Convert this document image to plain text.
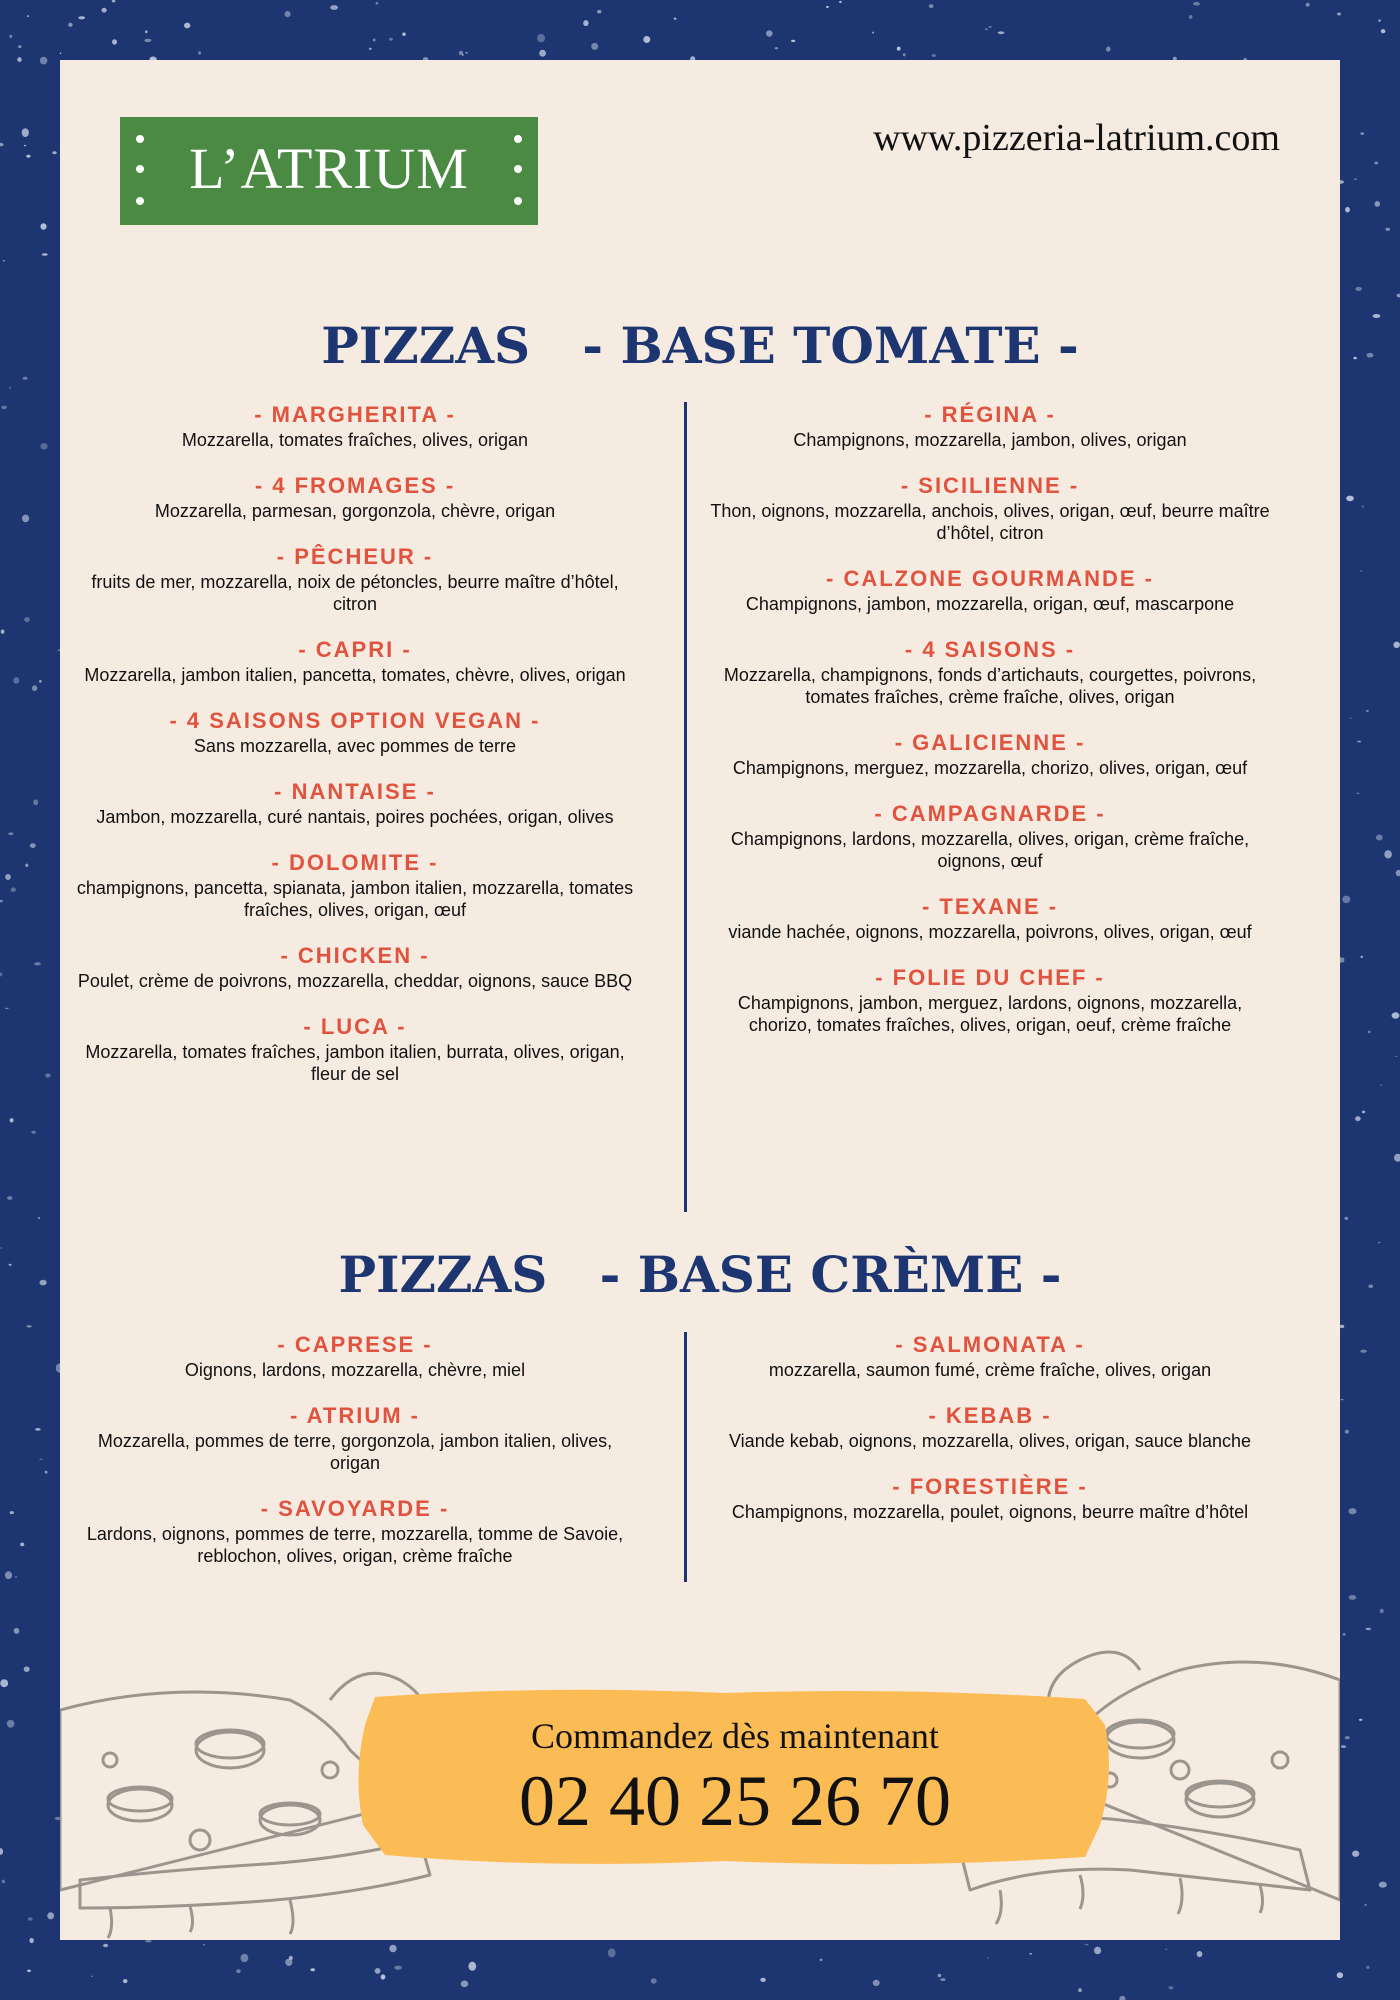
L’ATRIUM	www.pizzeria-latrium.com
PIZZAS   - BASE TOMATE -
- MARGHERITA -
Mozzarella, tomates fraîches, olives, origan
- 4 FROMAGES -
Mozzarella, parmesan, gorgonzola, chèvre, origan
- PÊCHEUR -
fruits de mer, mozzarella, noix de pétoncles, beurre maître d’hôtel, citron
- CAPRI -
Mozzarella, jambon italien, pancetta, tomates, chèvre, olives, origan
- 4 SAISONS OPTION VEGAN -
Sans mozzarella, avec pommes de terre
- NANTAISE -
Jambon, mozzarella, curé nantais, poires pochées, origan, olives
- DOLOMITE -
champignons, pancetta, spianata, jambon italien, mozzarella, tomates fraîches, olives, origan, œuf
- CHICKEN -
Poulet, crème de poivrons, mozzarella, cheddar, oignons, sauce BBQ
- LUCA -
Mozzarella, tomates fraîches, jambon italien, burrata, olives, origan, fleur de sel
- RÉGINA -
Champignons, mozzarella, jambon, olives, origan
- SICILIENNE -
Thon, oignons, mozzarella, anchois, olives, origan, œuf, beurre maître d’hôtel, citron
- CALZONE GOURMANDE -
Champignons, jambon, mozzarella, origan, œuf, mascarpone
- 4 SAISONS -
Mozzarella, champignons, fonds d’artichauts, courgettes, poivrons, tomates fraîches, crème fraîche, olives, origan
- GALICIENNE -
Champignons, merguez, mozzarella, chorizo, olives, origan, œuf
- CAMPAGNARDE -
Champignons, lardons, mozzarella, olives, origan, crème fraîche, oignons, œuf
- TEXANE -
viande hachée, oignons, mozzarella, poivrons, olives, origan, œuf
- FOLIE DU CHEF -
Champignons, jambon, merguez, lardons, oignons, mozzarella, chorizo, tomates fraîches, olives, origan, oeuf, crème fraîche
PIZZAS   - BASE CRÈME -
- CAPRESE -
Oignons, lardons, mozzarella, chèvre, miel
- ATRIUM -
Mozzarella, pommes de terre, gorgonzola, jambon italien, olives, origan
- SAVOYARDE -
Lardons, oignons, pommes de terre, mozzarella, tomme de Savoie, reblochon, olives, origan, crème fraîche
- SALMONATA -
mozzarella, saumon fumé, crème fraîche, olives, origan
- KEBAB -
Viande kebab, oignons, mozzarella, olives, origan, sauce blanche
- FORESTIÈRE -
Champignons, mozzarella, poulet, oignons, beurre maître d’hôtel
Commandez dès maintenant
02 40 25 26 70
